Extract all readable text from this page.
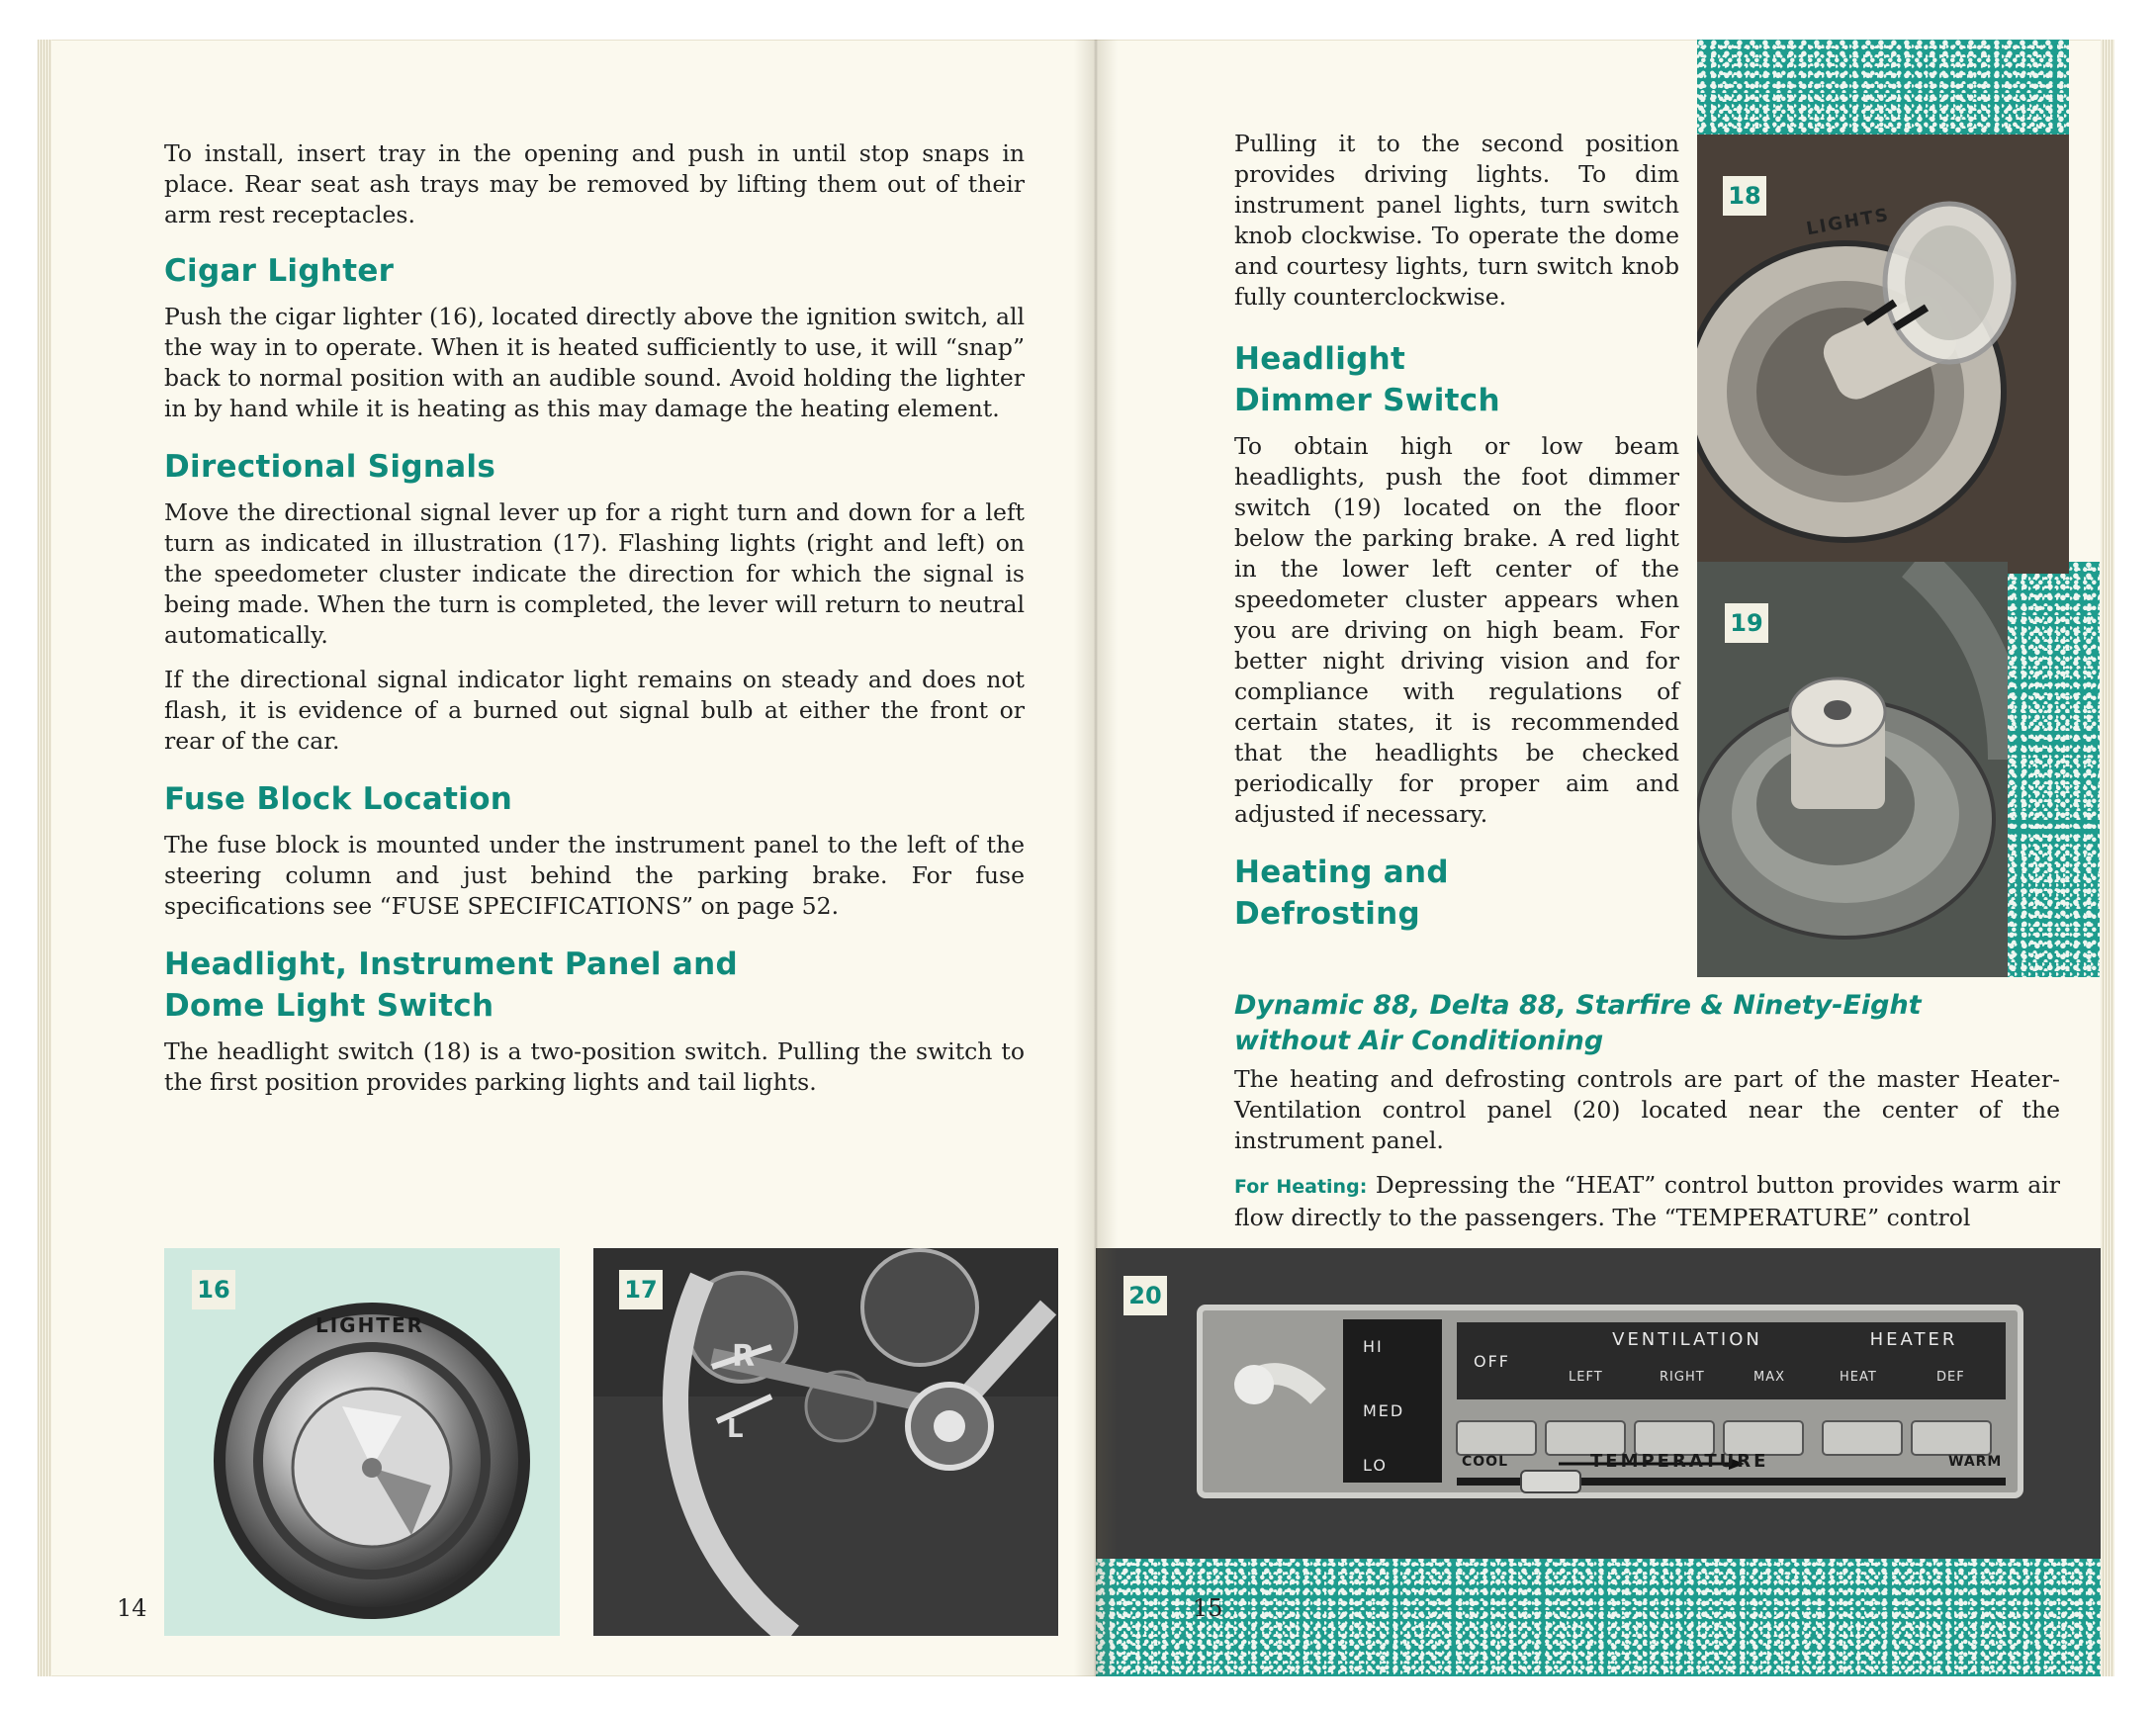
To install, insert tray in the opening and push in until stop snaps in place. Rear seat ash trays may be removed by lifting them out of their arm rest receptacles.

Cigar Lighter

Push the cigar lighter (16), located directly above the ignition switch, all the way in to operate. When it is heated sufficiently to use, it will “snap” back to normal position with an audible sound. Avoid holding the lighter in by hand while it is heating as this may damage the heating element.

Directional Signals

Move the directional signal lever up for a right turn and down for a left turn as indicated in illustration (17). Flashing lights (right and left) on the speedometer cluster indicate the direction for which the signal is being made. When the turn is completed, the lever will return to neutral automatically.

If the directional signal indicator light remains on steady and does not flash, it is evidence of a burned out signal bulb at either the front or rear of the car.

Fuse Block Location

The fuse block is mounted under the instrument panel to the left of the steering column and just behind the parking brake. For fuse specifications see “FUSE SPECIFICATIONS” on page 52.

Headlight, Instrument Panel and
Dome Light Switch

The headlight switch (18) is a two-position switch. Pulling the switch to the first position provides parking lights and tail lights.

LIGHTER
16
R
L
17
14

Pulling it to the second position provides driving lights. To dim instrument panel lights, turn switch knob clockwise. To operate the dome and courtesy lights, turn switch knob fully counterclockwise.

Headlight
Dimmer Switch

To obtain high or low beam headlights, push the foot dimmer switch (19) located on the floor below the parking brake. A red light in the lower left center of the speedometer cluster appears when you are driving on high beam. For better night driving vision and for compliance with regulations of certain states, it is recommended that the headlights be checked periodically for proper aim and adjusted if necessary.

Heating and
Defrosting
Dynamic 88, Delta 88, Starfire & Ninety-Eight
without Air Conditioning

The heating and defrosting controls are part of the master Heater-Ventilation control panel (20) located near the center of the instrument panel.

For Heating: Depressing the “HEAT” control button provides warm air flow directly to the passengers. The “TEMPERATURE” control

LIGHTS
18
19
HI
MED
LO
OFF
VENTILATION
LEFT	RIGHT	MAX
HEATER
HEAT	DEF
COOL	TEMPERATURE	WARM
20
15
